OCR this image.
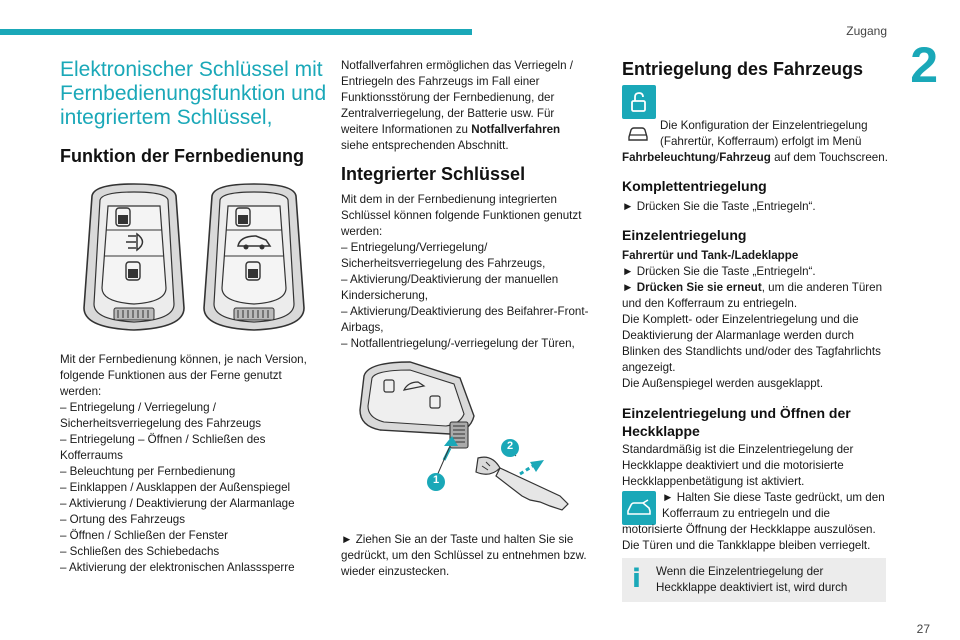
Zugang
2
Elektronischer Schlüssel mit Fernbedienungsfunktion und integriertem Schlüssel,
Funktion der Fernbedienung
Mit der Fernbedienung können, je nach Version, folgende Funktionen aus der Ferne genutzt werden:
– Entriegelung / Verriegelung / Sicherheitsverriegelung des Fahrzeugs
– Entriegelung – Öffnen / Schließen des Kofferraums
– Beleuchtung per Fernbedienung
– Einklappen / Ausklappen der Außenspiegel
– Aktivierung / Deaktivierung der Alarmanlage
– Ortung des Fahrzeugs
– Öffnen / Schließen der Fenster
– Schließen des Schiebedachs
– Aktivierung der elektronischen Anlasssperre
Notfallverfahren ermöglichen das Verriegeln / Entriegeln des Fahrzeugs im Fall einer Funktionsstörung der Fernbedienung, der Zentralverriegelung, der Batterie usw. Für weitere Informationen zu Notfallverfahren siehe entsprechenden Abschnitt.
Integrierter Schlüssel
Mit dem in der Fernbedienung integrierten Schlüssel können folgende Funktionen genutzt werden:
– Entriegelung/Verriegelung/ Sicherheitsverriegelung des Fahrzeugs,
– Aktivierung/Deaktivierung der manuellen Kindersicherung,
– Aktivierung/Deaktivierung des Beifahrer-Front-Airbags,
– Notfallentriegelung/-verriegelung der Türen,
1
2
► Ziehen Sie an der Taste und halten Sie sie gedrückt, um den Schlüssel zu entnehmen bzw. wieder einzustecken.
Entriegelung des Fahrzeugs
Die Konfiguration der Einzelentriegelung
(Fahrertür, Kofferraum) erfolgt im Menü
Fahrbeleuchtung/Fahrzeug auf dem Touchscreen.
Komplettentriegelung
► Drücken Sie die Taste „Entriegeln“.
Einzelentriegelung
Fahrertür und Tank-/Ladeklappe
► Drücken Sie die Taste „Entriegeln“.
► Drücken Sie sie erneut, um die anderen Türen und den Kofferraum zu entriegeln.
Die Komplett- oder Einzelentriegelung und die Deaktivierung der Alarmanlage werden durch Blinken des Standlichts und/oder des Tagfahrlichts angezeigt.
Die Außenspiegel werden ausgeklappt.
Einzelentriegelung und Öffnen der
Heckklappe
Standardmäßig ist die Einzelentriegelung der Heckklappe deaktiviert und die motorisierte Heckklappenbetätigung ist aktiviert.
► Halten Sie diese Taste gedrückt, um den
Kofferraum zu entriegeln und die
motorisierte Öffnung der Heckklappe auszulösen.
Die Türen und die Tankklappe bleiben verriegelt.
i Wenn die Einzelentriegelung der Heckklappe deaktiviert ist, wird durch
27
